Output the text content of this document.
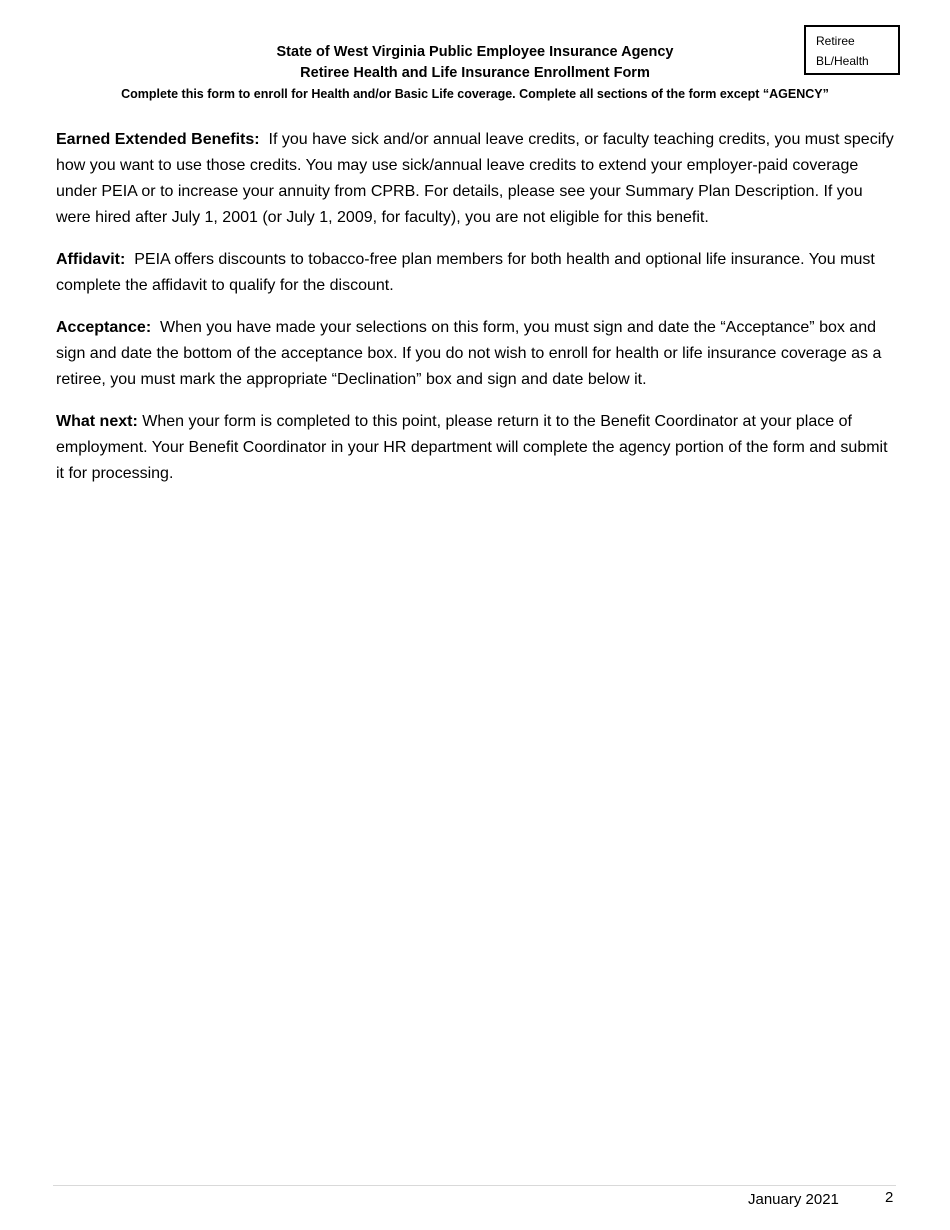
Retiree
BL/Health
State of West Virginia Public Employee Insurance Agency
Retiree Health and Life Insurance Enrollment Form
Complete this form to enroll for Health and/or Basic Life coverage. Complete all sections of the form except “AGENCY”

Earned Extended Benefits: If you have sick and/or annual leave credits, or faculty teaching credits, you must specify how you want to use those credits. You may use sick/annual leave credits to extend your employer-paid coverage under PEIA or to increase your annuity from CPRB. For details, please see your Summary Plan Description. If you were hired after July 1, 2001 (or July 1, 2009, for faculty), you are not eligible for this benefit.

Affidavit: PEIA offers discounts to tobacco-free plan members for both health and optional life insurance. You must complete the affidavit to qualify for the discount.

Acceptance: When you have made your selections on this form, you must sign and date the “Acceptance” box and sign and date the bottom of the acceptance box. If you do not wish to enroll for health or life insurance coverage as a retiree, you must mark the appropriate “Declination” box and sign and date below it.

What next: When your form is completed to this point, please return it to the Benefit Coordinator at your place of employment. Your Benefit Coordinator in your HR department will complete the agency portion of the form and submit it for processing.

January 2021	2
